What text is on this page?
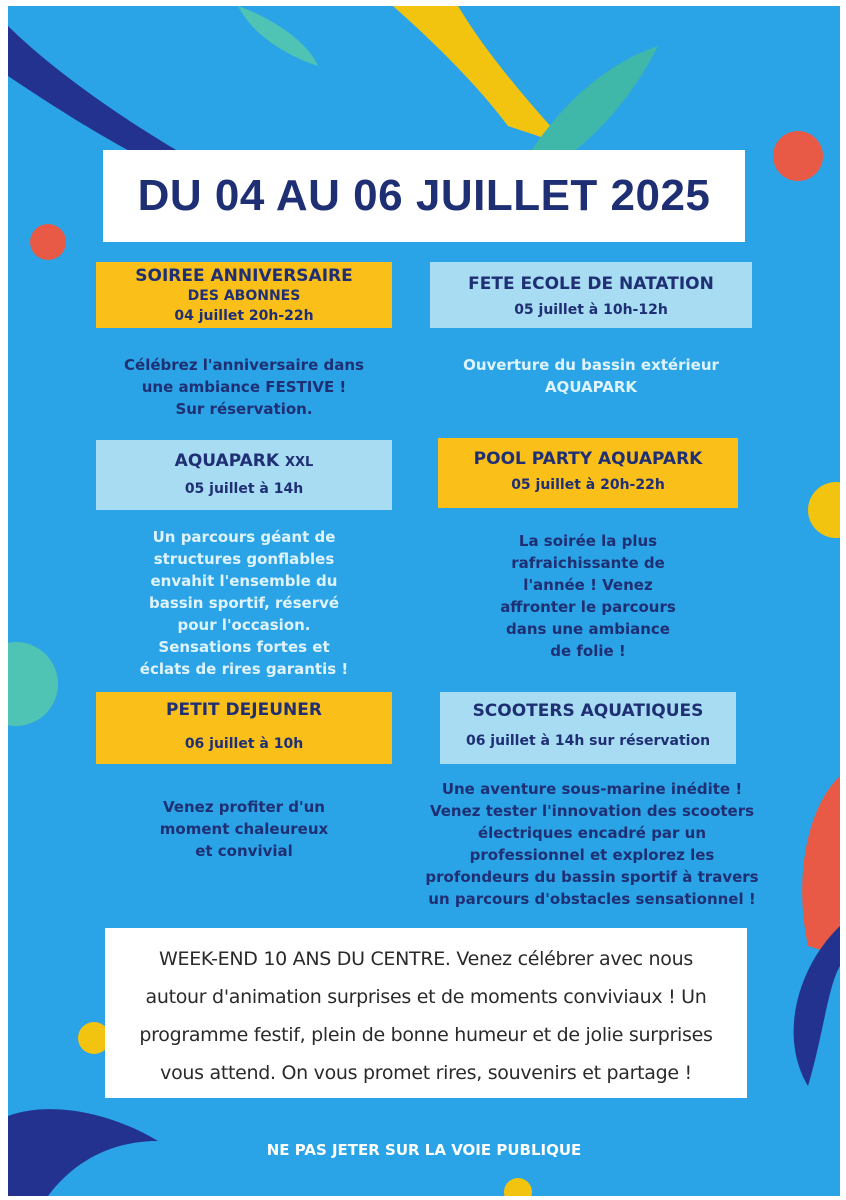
DU 04 AU 06 JUILLET 2025
SOIREE ANNIVERSAIRE
DES ABONNES
04 juillet 20h-22h
Célébrez l'anniversaire dans
une ambiance FESTIVE !
Sur réservation.
FETE ECOLE DE NATATION
05 juillet à 10h-12h
Ouverture du bassin extérieur
AQUAPARK
AQUAPARK XXL
05 juillet à 14h
Un parcours géant de
structures gonflables
envahit l'ensemble du
bassin sportif, réservé
pour l'occasion.
Sensations fortes et
éclats de rires garantis !
POOL PARTY AQUAPARK
05 juillet à 20h-22h
La soirée la plus
rafraichissante de
l'année ! Venez
affronter le parcours
dans une ambiance
de folie !
PETIT DEJEUNER
06 juillet à 10h
Venez profiter d'un
moment chaleureux
et convivial
SCOOTERS AQUATIQUES
06 juillet à 14h sur réservation
Une aventure sous-marine inédite !
Venez tester l'innovation des scooters
électriques encadré par un
professionnel et explorez les
profondeurs du bassin sportif à travers
un parcours d'obstacles sensationnel !
WEEK-END 10 ANS DU CENTRE. Venez célébrer avec nous
autour d'animation surprises et de moments conviviaux ! Un
programme festif, plein de bonne humeur et de jolie surprises
vous attend. On vous promet rires, souvenirs et partage !
NE PAS JETER SUR LA VOIE PUBLIQUE
